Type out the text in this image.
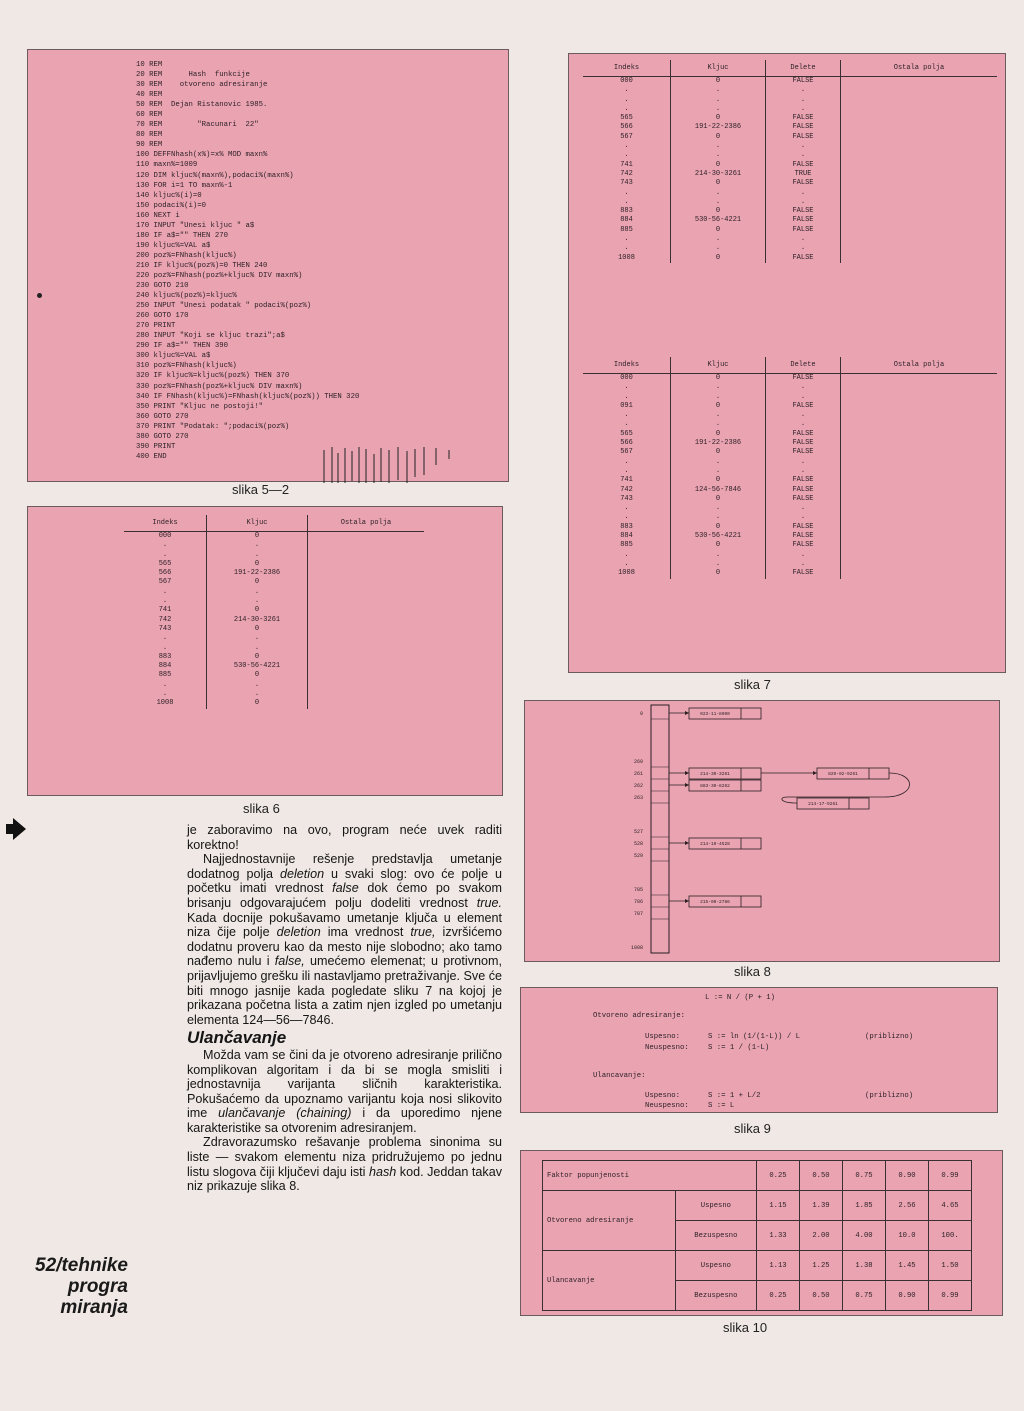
10 REM
20 REM      Hash  funkcije
30 REM    otvoreno adresiranje
40 REM
50 REM  Dejan Ristanovic 1985.
60 REM
70 REM        "Racunari  22"
80 REM
90 REM
100 DEFFNhash(x%)=x% MOD maxn%
110 maxn%=1009
120 DIM kljuc%(maxn%),podaci%(maxn%)
130 FOR i=1 TO maxn%-1
140 kljuc%(i)=0
150 podaci%(i)=0
160 NEXT i
170 INPUT "Unesi kljuc " a$
180 IF a$="" THEN 270
190 kljuc%=VAL a$
200 poz%=FNhash(kljuc%)
210 IF kljuc%(poz%)=0 THEN 240
220 poz%=FNhash(poz%+kljuc% DIV maxn%)
230 GOTO 210
240 kljuc%(poz%)=kljuc%
250 INPUT "Unesi podatak " podaci%(poz%)
260 GOTO 170
270 PRINT
280 INPUT "Koji se kljuc trazi";a$
290 IF a$="" THEN 390
300 kljuc%=VAL a$
310 poz%=FNhash(kljuc%)
320 IF kljuc%=kljuc%(poz%) THEN 370
330 poz%=FNhash(poz%+kljuc% DIV maxn%)
340 IF FNhash(kljuc%)=FNhash(kljuc%(poz%)) THEN 320
350 PRINT "Kljuc ne postoji!"
360 GOTO 270
370 PRINT "Podatak: ";podaci%(poz%)
380 GOTO 270
390 PRINT
400 END
slika 5—2
Indeks	Kljuc	Ostala polja
000	0	
.	.	
.	.	
565	0	
566	191-22-2386	
567	0	
.	.	
.	.	
741	0	
742	214-30-3261	
743	0	
.	.	
.	.	
883	0	
884	530-56-4221	
885	0	
.	.	
.	.	
1008	0	
slika 6
Indeks	Kljuc	Delete	Ostala polja
000	0	FALSE	
.	.	.	
.	.	.	
.	.	.	
565	0	FALSE	
566	191-22-2386	FALSE	
567	0	FALSE	
.	.	.	
.	.	.	
741	0	FALSE	
742	214-30-3261	TRUE	
743	0	FALSE	
.	.	.	
.	.	.	
883	0	FALSE	
884	530-56-4221	FALSE	
885	0	FALSE	
.	.	.	
.	.	.	
1008	0	FALSE	
Indeks	Kljuc	Delete	Ostala polja
000	0	FALSE	
.	.	.	
.	.	.	
091	0	FALSE	
.	.	.	
.	.	.	
565	0	FALSE	
566	191-22-2386	FALSE	
567	0	FALSE	
.	.	.	
.	.	.	
741	0	FALSE	
742	124-56-7846	FALSE	
743	0	FALSE	
.	.	.	
.	.	.	
883	0	FALSE	
884	530-56-4221	FALSE	
885	0	FALSE	
.	.	.	
.	.	.	
1008	0	FALSE	
slika 7
0
260
261
262
263
527
528
529
785
786
787
1008
023-11-8000
214-30-3261
883-30-8262
829-02-9261
214-17-9261
214-19-4528
215-09-2786
slika 8
L := N / (P + 1)
Otvoreno adresiranje:
Uspesno:	S := ln (1/(1-L)) / L	(priblizno)
Neuspesno:	S := 1 / (1-L)
Ulancavanje:
Uspesno:	S := 1 + L/2	(priblizno)
Neuspesno:	S := L
slika 9
Faktor popunjenosti		0.25	0.50	0.75	0.90	0.99
Otvoreno adresiranje	Uspesno	1.15	1.39	1.85	2.56	4.65
	Bezuspesno	1.33	2.00	4.00	10.0	100.
Ulancavanje	Uspesno	1.13	1.25	1.38	1.45	1.50
	Bezuspesno	0.25	0.50	0.75	0.90	0.99
slika 10

je zaboravimo na ovo, program neće uvek raditi korektno!

Najjednostavnije rešenje predstavlja umetanje dodatnog polja deletion u svaki slog: ovo će polje u početku imati vrednost false dok ćemo po svakom brisanju odgovarajućem polju dodeliti vrednost true. Kada docnije pokušavamo umetanje ključa u element niza čije polje deletion ima vrednost true, izvršićemo dodatnu proveru kao da mesto nije slobodno; ako tamo nađemo nulu i false, umećemo elemenat; u protivnom, prijavljujemo grešku ili nastavljamo pretraživanje. Sve će biti mnogo jasnije kada pogledate sliku 7 na kojoj je prikazana početna lista a zatim njen izgled po umetanju elementa 124—56—7846.

Ulančavanje

Možda vam se čini da je otvoreno adresiranje prilično komplikovan algoritam i da bi se mogla smisliti i jednostavnija varijanta sličnih karakteristika. Pokušaćemo da upoznamo varijantu koja nosi slikovito ime ulančavanje (chaining) i da uporedimo njene karakteristike sa otvorenim adresiranjem.

Zdravorazumsko rešavanje problema sinonima su liste — svakom elementu niza pridružujemo po jednu listu slogova čiji ključevi daju isti hash kod. Jeddan takav niz prikazuje slika 8.

52/tehnike
progra
miranja
